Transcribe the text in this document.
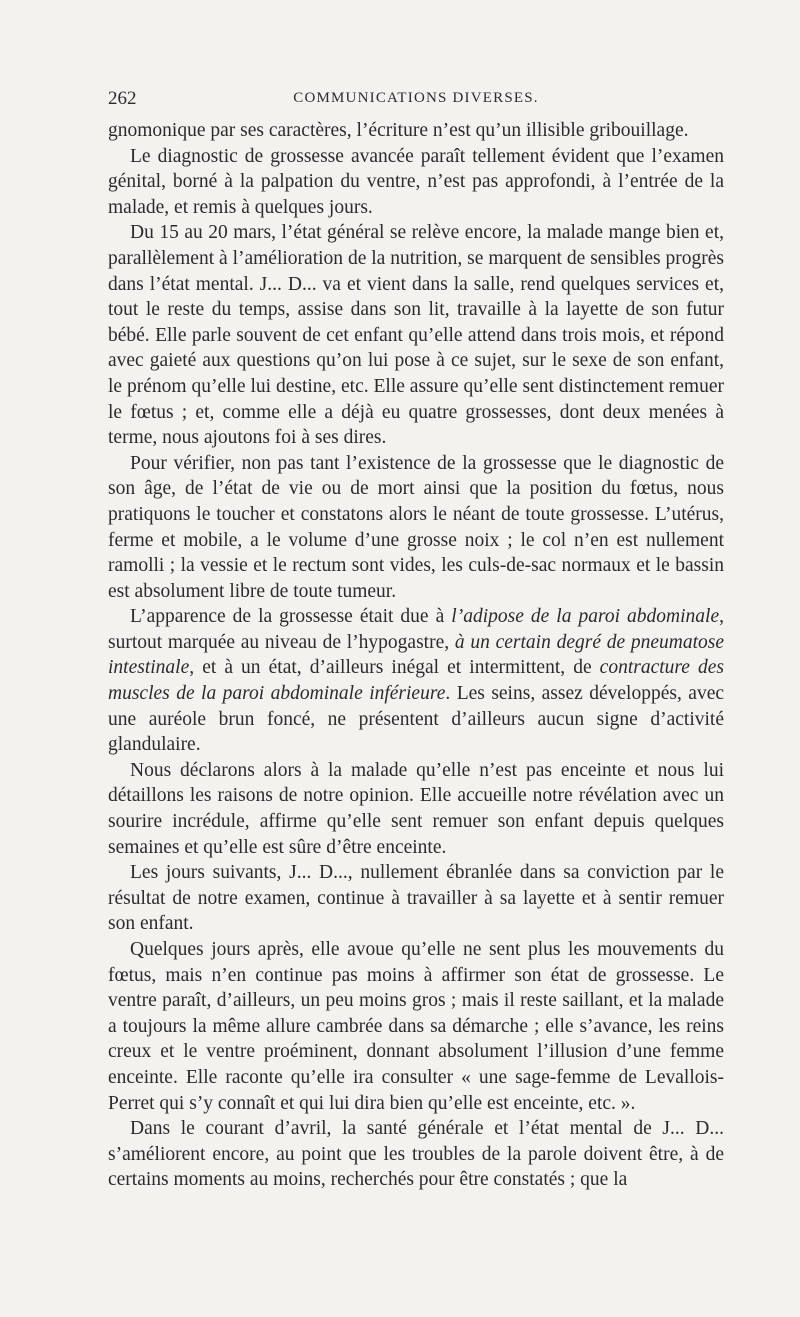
262	COMMUNICATIONS DIVERSES.

gnomonique par ses caractères, l’écriture n’est qu’un illisible gribouillage.

Le diagnostic de grossesse avancée paraît tellement évident que l’examen génital, borné à la palpation du ventre, n’est pas approfondi, à l’entrée de la malade, et remis à quelques jours.

Du 15 au 20 mars, l’état général se relève encore, la malade mange bien et, parallèlement à l’amélioration de la nutrition, se marquent de sensibles progrès dans l’état mental. J... D... va et vient dans la salle, rend quelques services et, tout le reste du temps, assise dans son lit, travaille à la layette de son futur bébé. Elle parle souvent de cet enfant qu’elle attend dans trois mois, et répond avec gaieté aux questions qu’on lui pose à ce sujet, sur le sexe de son enfant, le prénom qu’elle lui destine, etc. Elle assure qu’elle sent distinctement remuer le fœtus ; et, comme elle a déjà eu quatre grossesses, dont deux menées à terme, nous ajoutons foi à ses dires.

Pour vérifier, non pas tant l’existence de la grossesse que le diagnostic de son âge, de l’état de vie ou de mort ainsi que la position du fœtus, nous pratiquons le toucher et constatons alors le néant de toute grossesse. L’utérus, ferme et mobile, a le volume d’une grosse noix ; le col n’en est nullement ramolli ; la vessie et le rectum sont vides, les culs-de-sac normaux et le bassin est absolument libre de toute tumeur.

L’apparence de la grossesse était due à l’adipose de la paroi abdominale, surtout marquée au niveau de l’hypogastre, à un certain degré de pneumatose intestinale, et à un état, d’ailleurs inégal et intermittent, de contracture des muscles de la paroi abdominale inférieure. Les seins, assez développés, avec une auréole brun foncé, ne présentent d’ailleurs aucun signe d’activité glandulaire.

Nous déclarons alors à la malade qu’elle n’est pas enceinte et nous lui détaillons les raisons de notre opinion. Elle accueille notre révélation avec un sourire incrédule, affirme qu’elle sent remuer son enfant depuis quelques semaines et qu’elle est sûre d’être enceinte.

Les jours suivants, J... D..., nullement ébranlée dans sa conviction par le résultat de notre examen, continue à travailler à sa layette et à sentir remuer son enfant.

Quelques jours après, elle avoue qu’elle ne sent plus les mouvements du fœtus, mais n’en continue pas moins à affirmer son état de grossesse. Le ventre paraît, d’ailleurs, un peu moins gros ; mais il reste saillant, et la malade a toujours la même allure cambrée dans sa démarche ; elle s’avance, les reins creux et le ventre proéminent, donnant absolument l’illusion d’une femme enceinte. Elle raconte qu’elle ira consulter « une sage-femme de Levallois-Perret qui s’y connaît et qui lui dira bien qu’elle est enceinte, etc. ».

Dans le courant d’avril, la santé générale et l’état mental de J... D... s’améliorent encore, au point que les troubles de la parole doivent être, à de certains moments au moins, recherchés pour être constatés ; que la
